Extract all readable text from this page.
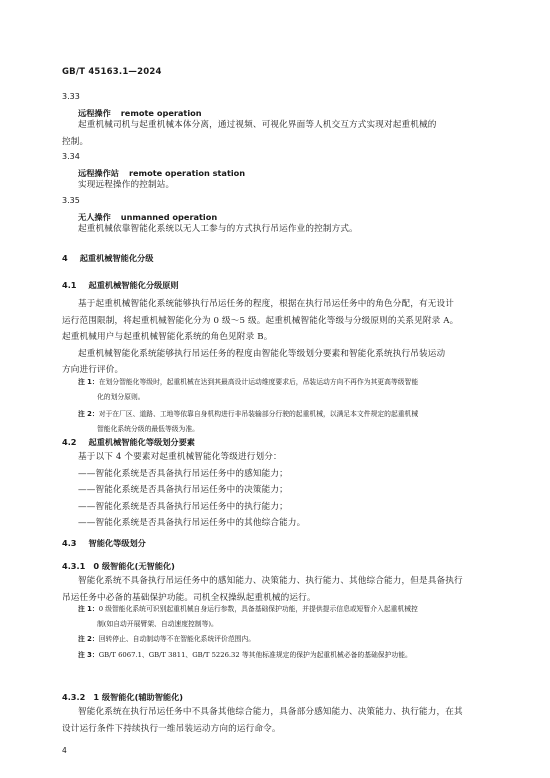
GB/T 45163.1—2024
3.33
远程操作 remote operation
起重机械司机与起重机械本体分离，通过视频、可视化界面等人机交互方式实现对起重机械的
控制。
3.34
远程操作站 remote operation station
实现远程操作的控制站。
3.35
无人操作 unmanned operation
起重机械依靠智能化系统以无人工参与的方式执行吊运作业的控制方式。
4 起重机械智能化分级
4.1 起重机械智能化分级原则
基于起重机械智能化系统能够执行吊运任务的程度，根据在执行吊运任务中的角色分配，有无设计
运行范围限制，将起重机械智能化分为 0 级～5 级。起重机械智能化等级与分级原则的关系见附录 A。
起重机械用户与起重机械智能化系统的角色见附录 B。
起重机械智能化系统能够执行吊运任务的程度由智能化等级划分要素和智能化系统执行吊装运动
方向进行评价。
注 1：在划分智能化等级时，起重机械在达到其最高设计运动维度要求后，吊装运动方向不再作为其更高等级智能
化的划分原则。
注 2：对于在厂区、道路、工地等依靠自身机构进行非吊装输部分行驶的起重机械，以满足本文件规定的起重机械
智能化系统分级的最低等级为准。
4.2 起重机械智能化等级划分要素
基于以下 4 个要素对起重机械智能化等级进行划分：
——智能化系统是否具备执行吊运任务中的感知能力；
——智能化系统是否具备执行吊运任务中的决策能力；
——智能化系统是否具备执行吊运任务中的执行能力；
——智能化系统是否具备执行吊运任务中的其他综合能力。
4.3 智能化等级划分
4.3.1 0 级智能化(无智能化)
智能化系统不具备执行吊运任务中的感知能力、决策能力、执行能力、其他综合能力，但是具备执行
吊运任务中必备的基础保护功能。司机全权操纵起重机械的运行。
注 1：0 级智能化系统可识别起重机械自身运行参数，具备基础保护功能，并提供提示信息或短暂介入起重机械控
制(如自动开展臂架、自动速度控制等)。
注 2：回转停止、自动制动等不在智能化系统评价范围内。
注 3：GB/T 6067.1、GB/T 3811、GB/T 5226.32 等其他标准规定的保护为起重机械必备的基础保护功能。
4.3.2 1 级智能化(辅助智能化)
智能化系统在执行吊运任务中不具备其他综合能力，具备部分感知能力、决策能力、执行能力，在其
设计运行条件下持续执行一维吊装运动方向的运行命令。
4
